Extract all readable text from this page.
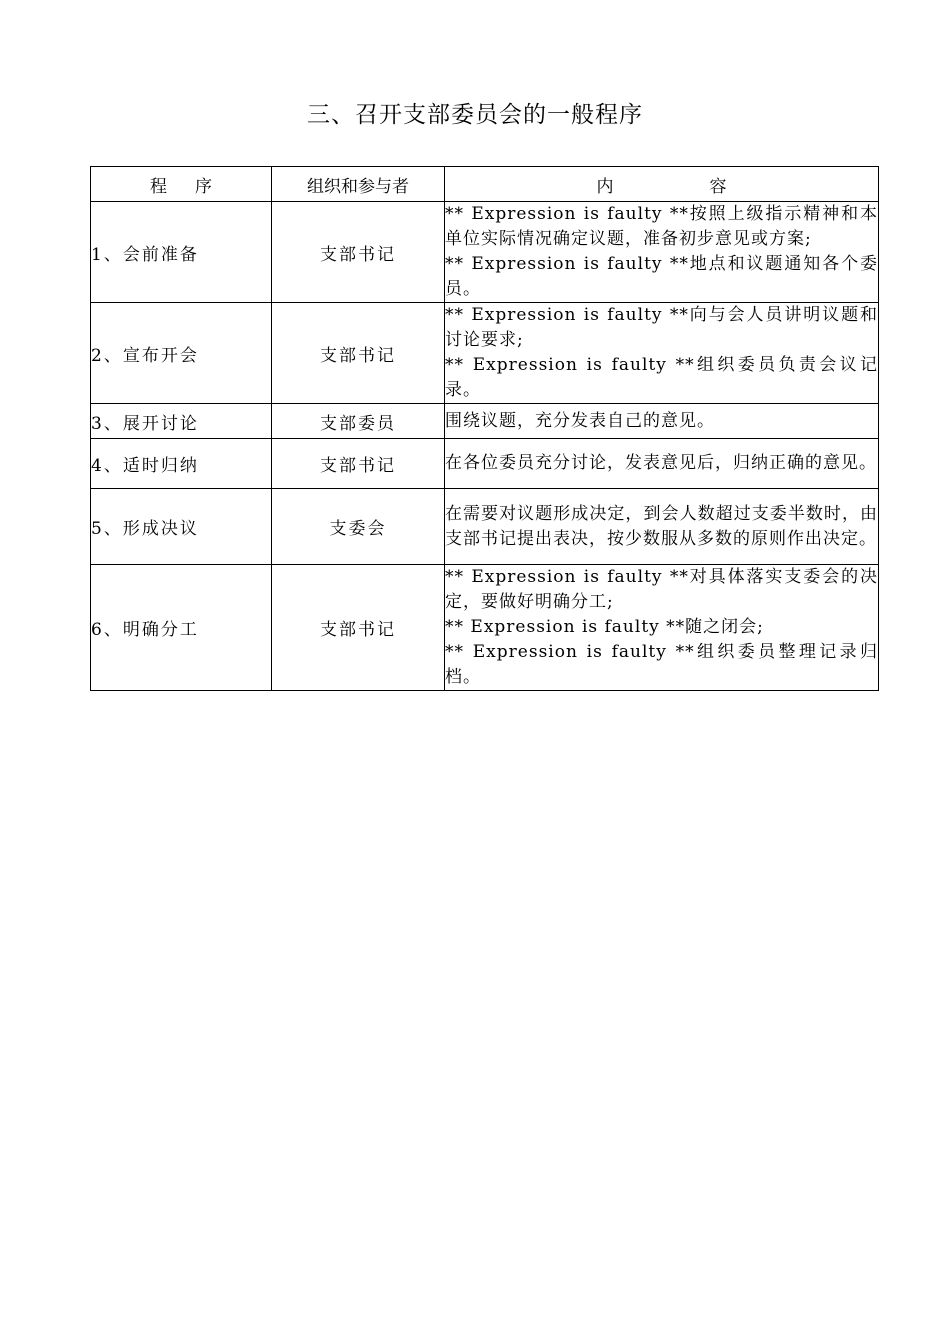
三、召开支部委员会的一般程序
程 序	组织和参与者	内 容
1、会前准备	支部书记	** Expression is faulty **按照上级指示精神和本单位实际情况确定议题，准备初步意见或方案;
** Expression is faulty **地点和议题通知各个委员。

2、宣布开会	支部书记	** Expression is faulty **向与会人员讲明议题和讨论要求;
** Expression is faulty **组织委员负责会议记录。

3、展开讨论	支部委员	围绕议题，充分发表自己的意见。

4、适时归纳	支部书记	在各位委员充分讨论，发表意见后，归纳正确的意见。

5、形成决议	支委会	在需要对议题形成决定，到会人数超过支委半数时，由支部书记提出表决，按少数服从多数的原则作出决定。

6、明确分工	支部书记	** Expression is faulty **对具体落实支委会的决定，要做好明确分工;
** Expression is faulty **随之闭会;
** Expression is faulty **组织委员整理记录归档。
